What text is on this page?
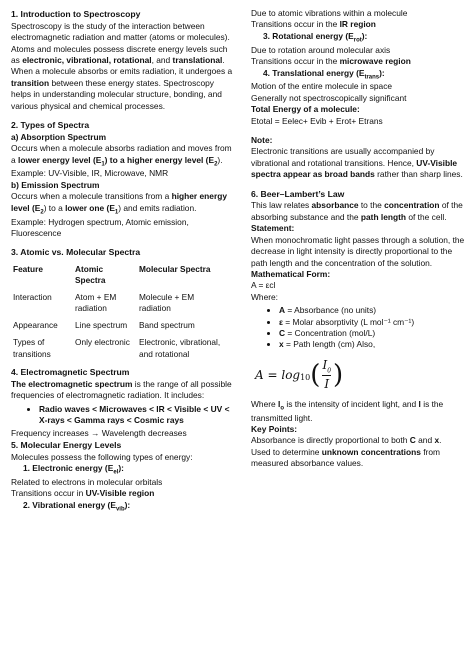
1. Introduction to Spectroscopy

Spectroscopy is the study of the interaction between electromagnetic radiation and matter (atoms or molecules). Atoms and molecules possess discrete energy levels such as electronic, vibrational, rotational, and translational. When a molecule absorbs or emits radiation, it undergoes a transition between these energy states. Spectroscopy helps in understanding molecular structure, bonding, and various physical and chemical processes.

2. Types of Spectra

a) Absorption Spectrum

Occurs when a molecule absorbs radiation and moves from a lower energy level $(E_1)$ to a higher energy level $(E_2)$.

Example: UV-Visible, IR, Microwave, NMR

b) Emission Spectrum

Occurs when a molecule transitions from a higher energy level $(E_2)$ to a lower one $(E_1)$ and emits radiation.

Example: Hydrogen spectrum, Atomic emission, Fluorescence

3. Atomic vs. Molecular Spectra
Feature	Atomic Spectra	Molecular Spectra
Interaction	Atom + EM radiation	Molecule + EM radiation
Appearance	Line spectrum	Band spectrum
Types of transitions	Only electronic	Electronic, vibrational, and rotational
4. Electromagnetic Spectrum

The electromagnetic spectrum is the range of all possible frequencies of electromagnetic radiation. It includes:

• Radio waves < Microwaves < IR < Visible < UV < X-rays < Gamma rays < Cosmic rays

Frequency increases → Wavelength decreases

5. Molecular Energy Levels

Molecules possess the following types of energy:

1. Electronic energy $(E_{el})$:

Related to electrons in molecular orbitals

Transitions occur in UV-Visible region

2. Vibrational energy $(E_{vib})$:

Due to atomic vibrations within a molecule

Transitions occur in the IR region

3. Rotational energy $(E_{rot})$:

Due to rotation around molecular axis

Transitions occur in the microwave region

4. Translational energy $(E_{trans})$:

Motion of the entire molecule in space

Generally not spectroscopically significant

Total Energy of a molecule:

Etotal = Eelec+ Evib + Erot+ Etrans

Note:

Electronic transitions are usually accompanied by vibrational and rotational transitions. Hence, UV-Visible spectra appear as broad bands rather than sharp lines.

6. Beer–Lambert’s Law

This law relates absorbance to the concentration of the absorbing substance and the path length of the cell.

Statement:

When monochromatic light passes through a solution, the decrease in light intensity is directly proportional to the path length and the concentration of the solution.

Mathematical Form:

A = εcl

Where:

• A = Absorbance (no units)
• ε = Molar absorptivity (L mol⁻¹ cm⁻¹)
• C = Concentration (mol/L)
• x = Path length (cm) Also,
$A = \log_{10}$ ( $\frac{I_0}{I}$ )

Where $I_o$ is the intensity of incident light, and I is the transmitted light.

Key Points:

Absorbance is directly proportional to both C and x.

Used to determine unknown concentrations from measured absorbance values.
